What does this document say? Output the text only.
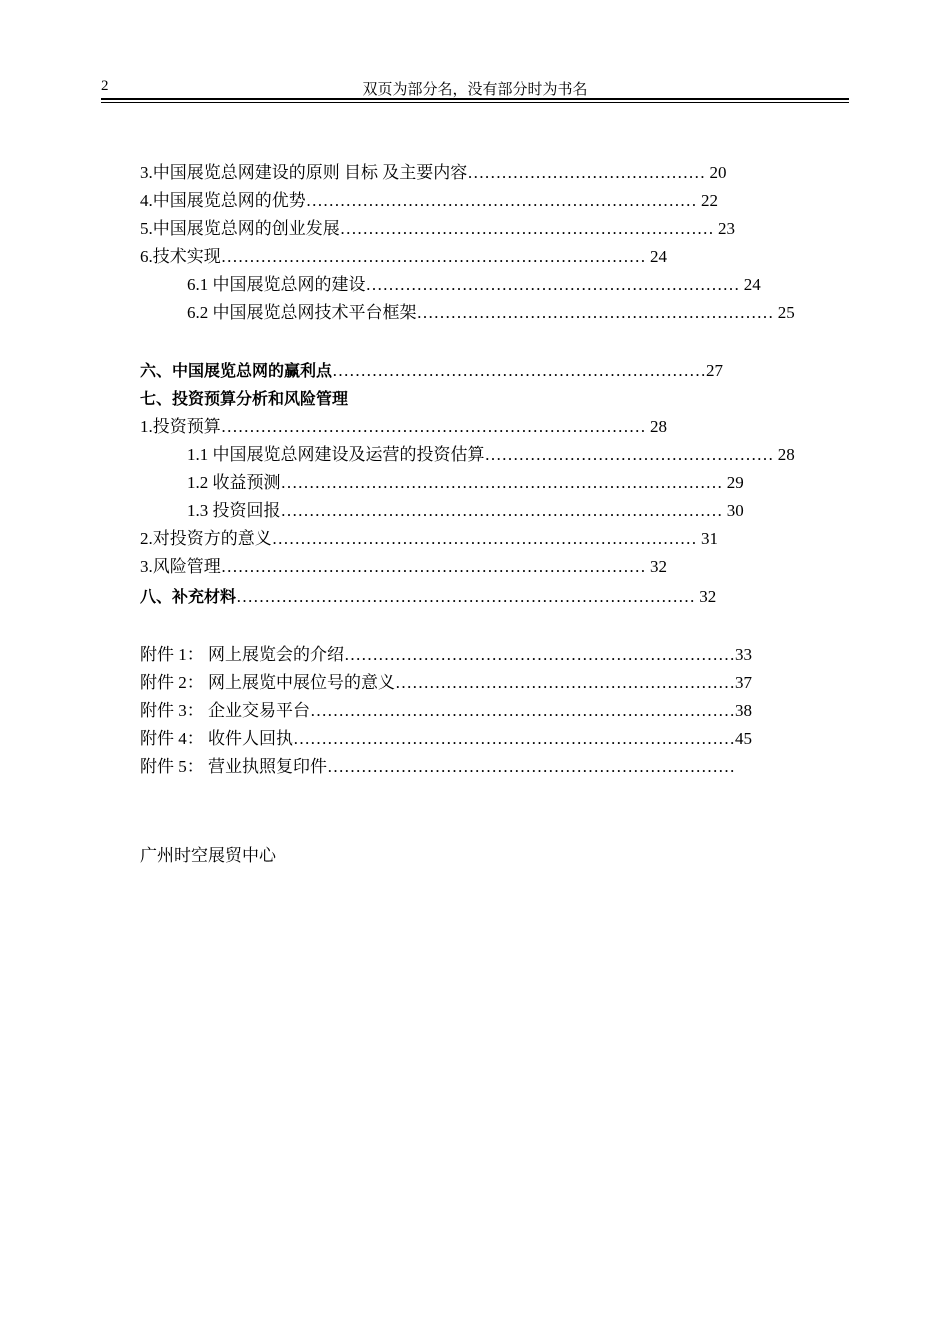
2	双页为部分名，没有部分时为书名
3.中国展览总网建设的原则 目标 及主要内容…………………………………… 20
4.中国展览总网的优势…………………………………………………………… 22
5.中国展览总网的创业发展………………………………………………………… 23
6.技术实现………………………………………………………………… 24
6.1 中国展览总网的建设………………………………………………………… 24
6.2 中国展览总网技术平台框架……………………………………………………… 25
六、中国展览总网的赢利点…………………………………………………………27
七、投资预算分析和风险管理
1.投资预算………………………………………………………………… 28
1.1 中国展览总网建设及运营的投资估算…………………………………………… 28
1.2 收益预测…………………………………………………………………… 29
1.3 投资回报…………………………………………………………………… 30
2.对投资方的意义………………………………………………………………… 31
3.风险管理………………………………………………………………… 32
八、补充材料……………………………………………………………………… 32
附件 1： 网上展览会的介绍……………………………………………………………33
附件 2： 网上展览中展位号的意义……………………………………………………37
附件 3： 企业交易平台…………………………………………………………………38
附件 4： 收件人回执……………………………………………………………………45
附件 5： 营业执照复印件………………………………………………………………
广州时空展贸中心
